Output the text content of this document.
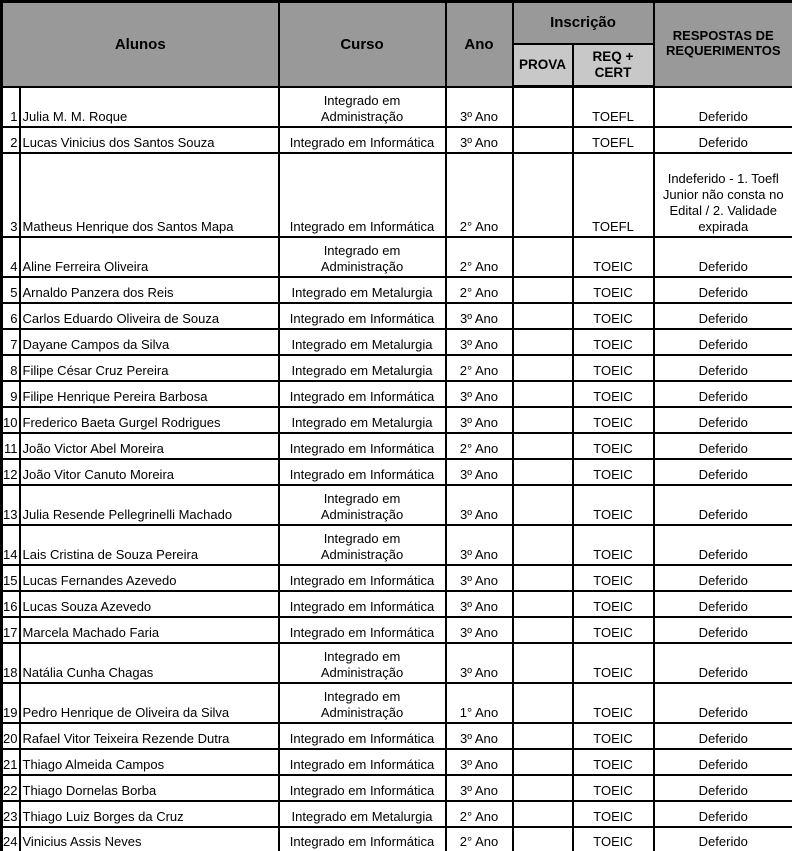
Alunos		Curso	Ano	Inscrição		RESPOSTAS DE REQUERIMENTOS
				PROVA	REQ + CERT	
1	Julia M. M. Roque	Integrado em Administração	3º Ano		TOEFL	Deferido
2	Lucas Vinicius dos Santos Souza	Integrado em Informática	3º Ano		TOEFL	Deferido
3	Matheus Henrique dos Santos Mapa	Integrado em Informática	2° Ano		TOEFL	Indeferido - 1. Toefl Junior não consta no Edital / 2. Validade expirada
4	Aline Ferreira Oliveira	Integrado em Administração	2° Ano		TOEIC	Deferido
5	Arnaldo Panzera dos Reis	Integrado em Metalurgia	2° Ano		TOEIC	Deferido
6	Carlos Eduardo Oliveira de Souza	Integrado em Informática	3º Ano		TOEIC	Deferido
7	Dayane Campos da Silva	Integrado em Metalurgia	3º Ano		TOEIC	Deferido
8	Filipe César Cruz Pereira	Integrado em Metalurgia	2° Ano		TOEIC	Deferido
9	Filipe Henrique Pereira Barbosa	Integrado em Informática	3º Ano		TOEIC	Deferido
10	Frederico Baeta Gurgel Rodrigues	Integrado em Metalurgia	3º Ano		TOEIC	Deferido
11	João Victor Abel Moreira	Integrado em Informática	2° Ano		TOEIC	Deferido
12	João Vitor Canuto Moreira	Integrado em Informática	3º Ano		TOEIC	Deferido
13	Julia Resende Pellegrinelli Machado	Integrado em Administração	3º Ano		TOEIC	Deferido
14	Lais Cristina de Souza Pereira	Integrado em Administração	3º Ano		TOEIC	Deferido
15	Lucas Fernandes Azevedo	Integrado em Informática	3º Ano		TOEIC	Deferido
16	Lucas Souza Azevedo	Integrado em Informática	3º Ano		TOEIC	Deferido
17	Marcela Machado Faria	Integrado em Informática	3º Ano		TOEIC	Deferido
18	Natália Cunha Chagas	Integrado em Administração	3º Ano		TOEIC	Deferido
19	Pedro Henrique de Oliveira da Silva	Integrado em Administração	1° Ano		TOEIC	Deferido
20	Rafael Vitor Teixeira Rezende Dutra	Integrado em Informática	3º Ano		TOEIC	Deferido
21	Thiago Almeida Campos	Integrado em Informática	3º Ano		TOEIC	Deferido
22	Thiago Dornelas Borba	Integrado em Informática	3º Ano		TOEIC	Deferido
23	Thiago Luiz Borges da Cruz	Integrado em Metalurgia	2° Ano		TOEIC	Deferido
24	Vinicius Assis Neves	Integrado em Informática	2° Ano		TOEIC	Deferido
